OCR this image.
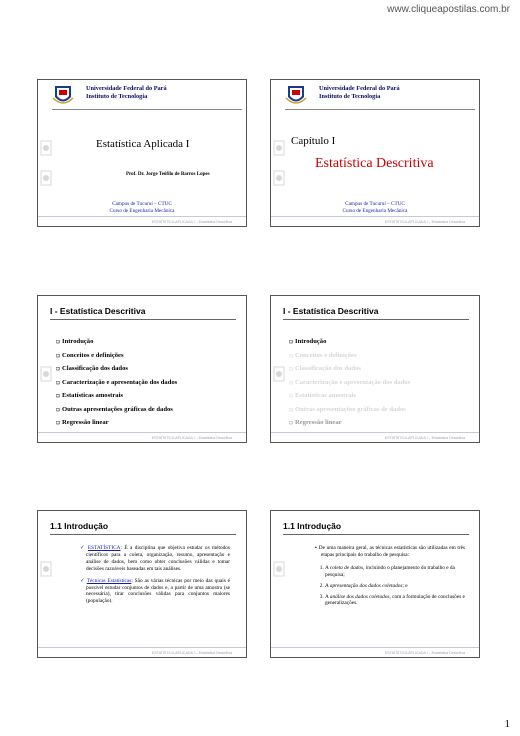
www.cliqueapostilas.com.br
Universidade Federal do Pará
Instituto de Tecnologia
Estatística Aplicada I
Prof. Dr. Jorge Teófilo de Barros Lopes
Campus de Tucuruí – CTUC
Curso de Engenharia Mecânica
ESTATÍSTICA APLICADA I – Estatística Descritiva
Universidade Federal do Pará
Instituto de Tecnologia
Capítulo I
Estatística Descritiva
Campus de Tucuruí – CTUC
Curso de Engenharia Mecânica
ESTATÍSTICA APLICADA I – Estatística Descritiva
I - Estatística Descritiva
❑ Introdução
❑ Conceitos e definições
❑ Classificação dos dados
❑ Caracterização e apresentação dos dados
❑ Estatísticas amostrais
❑ Outras apresentações gráficas de dados
❑ Regressão linear
ESTATÍSTICA APLICADA I – Estatística Descritiva
I - Estatística Descritiva
❑ Introdução
❑ Conceitos e definições
❑ Classificação dos dados
❑ Caracterização e apresentação dos dados
❑ Estatísticas amostrais
❑ Outras apresentações gráficas de dados
❑ Regressão linear
ESTATÍSTICA APLICADA I – Estatística Descritiva
1.1 Introdução

✓ ESTATÍSTICA: É a disciplina que objetiva estudar os métodos científicos para a coleta, organização, resumo, apresentação e análise de dados, bem como obter conclusões válidas e tomar decisões razoáveis baseadas em tais análises.

✓ Técnicas Estatísticas: São as várias técnicas por meio das quais é possível estudar conjuntos de dados e, a partir de uma amostra (se necessária), tirar conclusões válidas para conjuntos maiores (população).

ESTATÍSTICA APLICADA I – Estatística Descritiva
1.1 Introdução

▪ De uma maneira geral, as técnicas estatísticas são utilizadas em três etapas principais do trabalho de pesquisa:

1. A coleta de dados, incluindo o planejamento do trabalho e da pesquisa;
2. A apresentação dos dados coletados; e
3. A análise dos dados coletados, com a formulação de conclusões e generalizações.
ESTATÍSTICA APLICADA I – Estatística Descritiva
1
